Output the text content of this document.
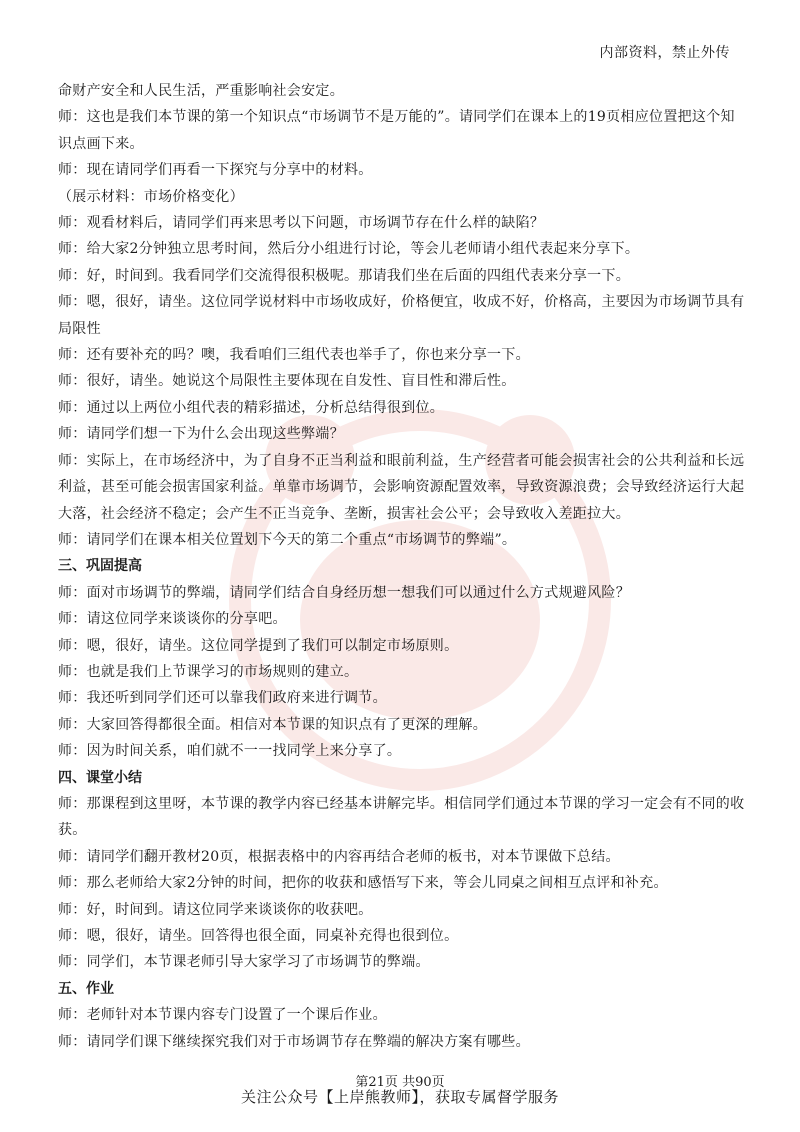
内部资料，禁止外传

命财产安全和人民生活，严重影响社会安定。

师：这也是我们本节课的第一个知识点“市场调节不是万能的”。请同学们在课本上的19页相应位置把这个知识点画下来。

师：现在请同学们再看一下探究与分享中的材料。

（展示材料：市场价格变化）

师：观看材料后，请同学们再来思考以下问题，市场调节存在什么样的缺陷？

师：给大家2分钟独立思考时间，然后分小组进行讨论，等会儿老师请小组代表起来分享下。

师：好，时间到。我看同学们交流得很积极呢。那请我们坐在后面的四组代表来分享一下。

师：嗯，很好，请坐。这位同学说材料中市场收成好，价格便宜，收成不好，价格高，主要因为市场调节具有局限性

师：还有要补充的吗？噢，我看咱们三组代表也举手了，你也来分享一下。

师：很好，请坐。她说这个局限性主要体现在自发性、盲目性和滞后性。

师：通过以上两位小组代表的精彩描述，分析总结得很到位。

师：请同学们想一下为什么会出现这些弊端？

师：实际上，在市场经济中，为了自身不正当利益和眼前利益，生产经营者可能会损害社会的公共利益和长远利益，甚至可能会损害国家利益。单靠市场调节，会影响资源配置效率，导致资源浪费；会导致经济运行大起大落，社会经济不稳定；会产生不正当竞争、垄断，损害社会公平；会导致收入差距拉大。

师：请同学们在课本相关位置划下今天的第二个重点“市场调节的弊端”。

三、巩固提高

师：面对市场调节的弊端，请同学们结合自身经历想一想我们可以通过什么方式规避风险？

师：请这位同学来谈谈你的分享吧。

师：嗯，很好，请坐。这位同学提到了我们可以制定市场原则。

师：也就是我们上节课学习的市场规则的建立。

师：我还听到同学们还可以靠我们政府来进行调节。

师：大家回答得都很全面。相信对本节课的知识点有了更深的理解。

师：因为时间关系，咱们就不一一找同学上来分享了。

四、课堂小结

师：那课程到这里呀，本节课的教学内容已经基本讲解完毕。相信同学们通过本节课的学习一定会有不同的收获。

师：请同学们翻开教材20页，根据表格中的内容再结合老师的板书，对本节课做下总结。

师：那么老师给大家2分钟的时间，把你的收获和感悟写下来，等会儿同桌之间相互点评和补充。

师：好，时间到。请这位同学来谈谈你的收获吧。

师：嗯，很好，请坐。回答得也很全面，同桌补充得也很到位。

师：同学们，本节课老师引导大家学习了市场调节的弊端。

五、作业

师：老师针对本节课内容专门设置了一个课后作业。

师：请同学们课下继续探究我们对于市场调节存在弊端的解决方案有哪些。

第21页 共90页
关注公众号【上岸熊教师】，获取专属督学服务
